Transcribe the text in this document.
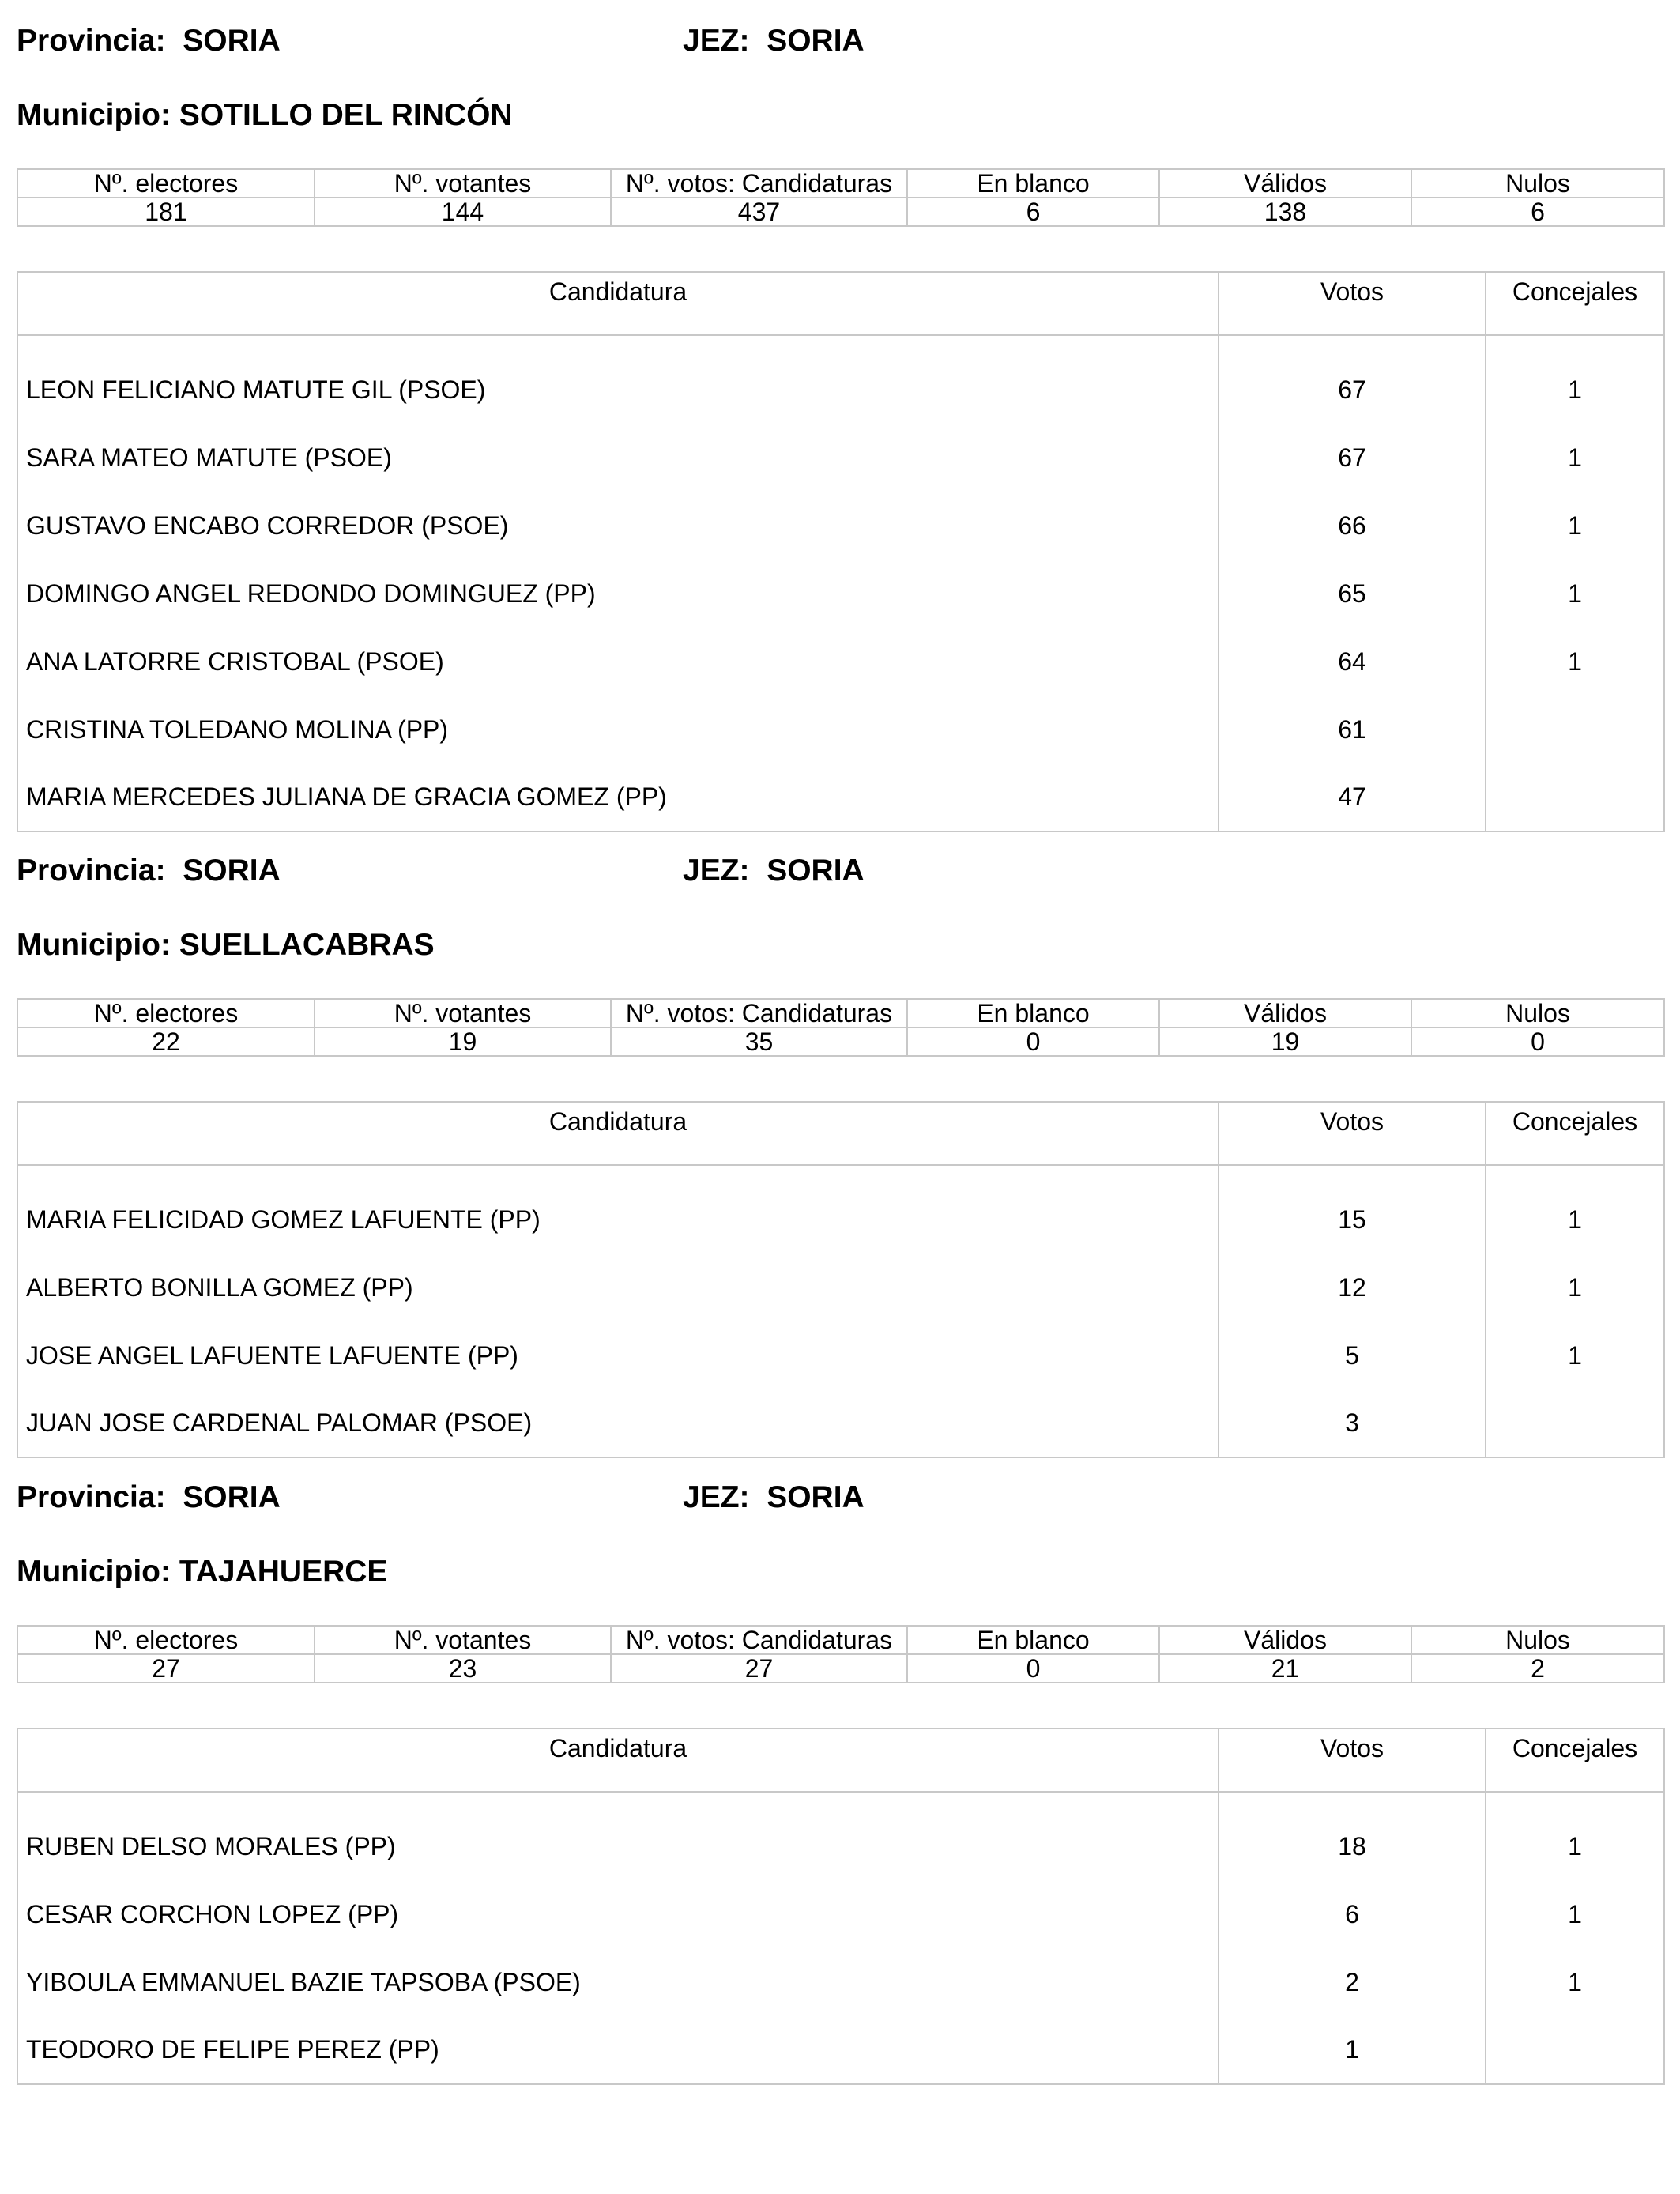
Provincia: SORIA	JEZ: SORIA
Municipio: SOTILLO DEL RINCÓN
Nº. electores	Nº. votantes	Nº. votos: Candidaturas	En blanco	Válidos	Nulos
181	144	437	6	138	6
Candidatura	Votos	Concejales
LEON FELICIANO MATUTE GIL (PSOE)	67	1
SARA MATEO MATUTE (PSOE)	67	1
GUSTAVO ENCABO CORREDOR (PSOE)	66	1
DOMINGO ANGEL REDONDO DOMINGUEZ (PP)	65	1
ANA LATORRE CRISTOBAL (PSOE)	64	1
CRISTINA TOLEDANO MOLINA (PP)	61	
MARIA MERCEDES JULIANA DE GRACIA GOMEZ (PP)	47	
Provincia: SORIA	JEZ: SORIA
Municipio: SUELLACABRAS
Nº. electores	Nº. votantes	Nº. votos: Candidaturas	En blanco	Válidos	Nulos
22	19	35	0	19	0
Candidatura	Votos	Concejales
MARIA FELICIDAD GOMEZ LAFUENTE (PP)	15	1
ALBERTO BONILLA GOMEZ (PP)	12	1
JOSE ANGEL LAFUENTE LAFUENTE (PP)	5	1
JUAN JOSE CARDENAL PALOMAR (PSOE)	3	
Provincia: SORIA	JEZ: SORIA
Municipio: TAJAHUERCE
Nº. electores	Nº. votantes	Nº. votos: Candidaturas	En blanco	Válidos	Nulos
27	23	27	0	21	2
Candidatura	Votos	Concejales
RUBEN DELSO MORALES (PP)	18	1
CESAR CORCHON LOPEZ (PP)	6	1
YIBOULA EMMANUEL BAZIE TAPSOBA (PSOE)	2	1
TEODORO DE FELIPE PEREZ (PP)	1	
